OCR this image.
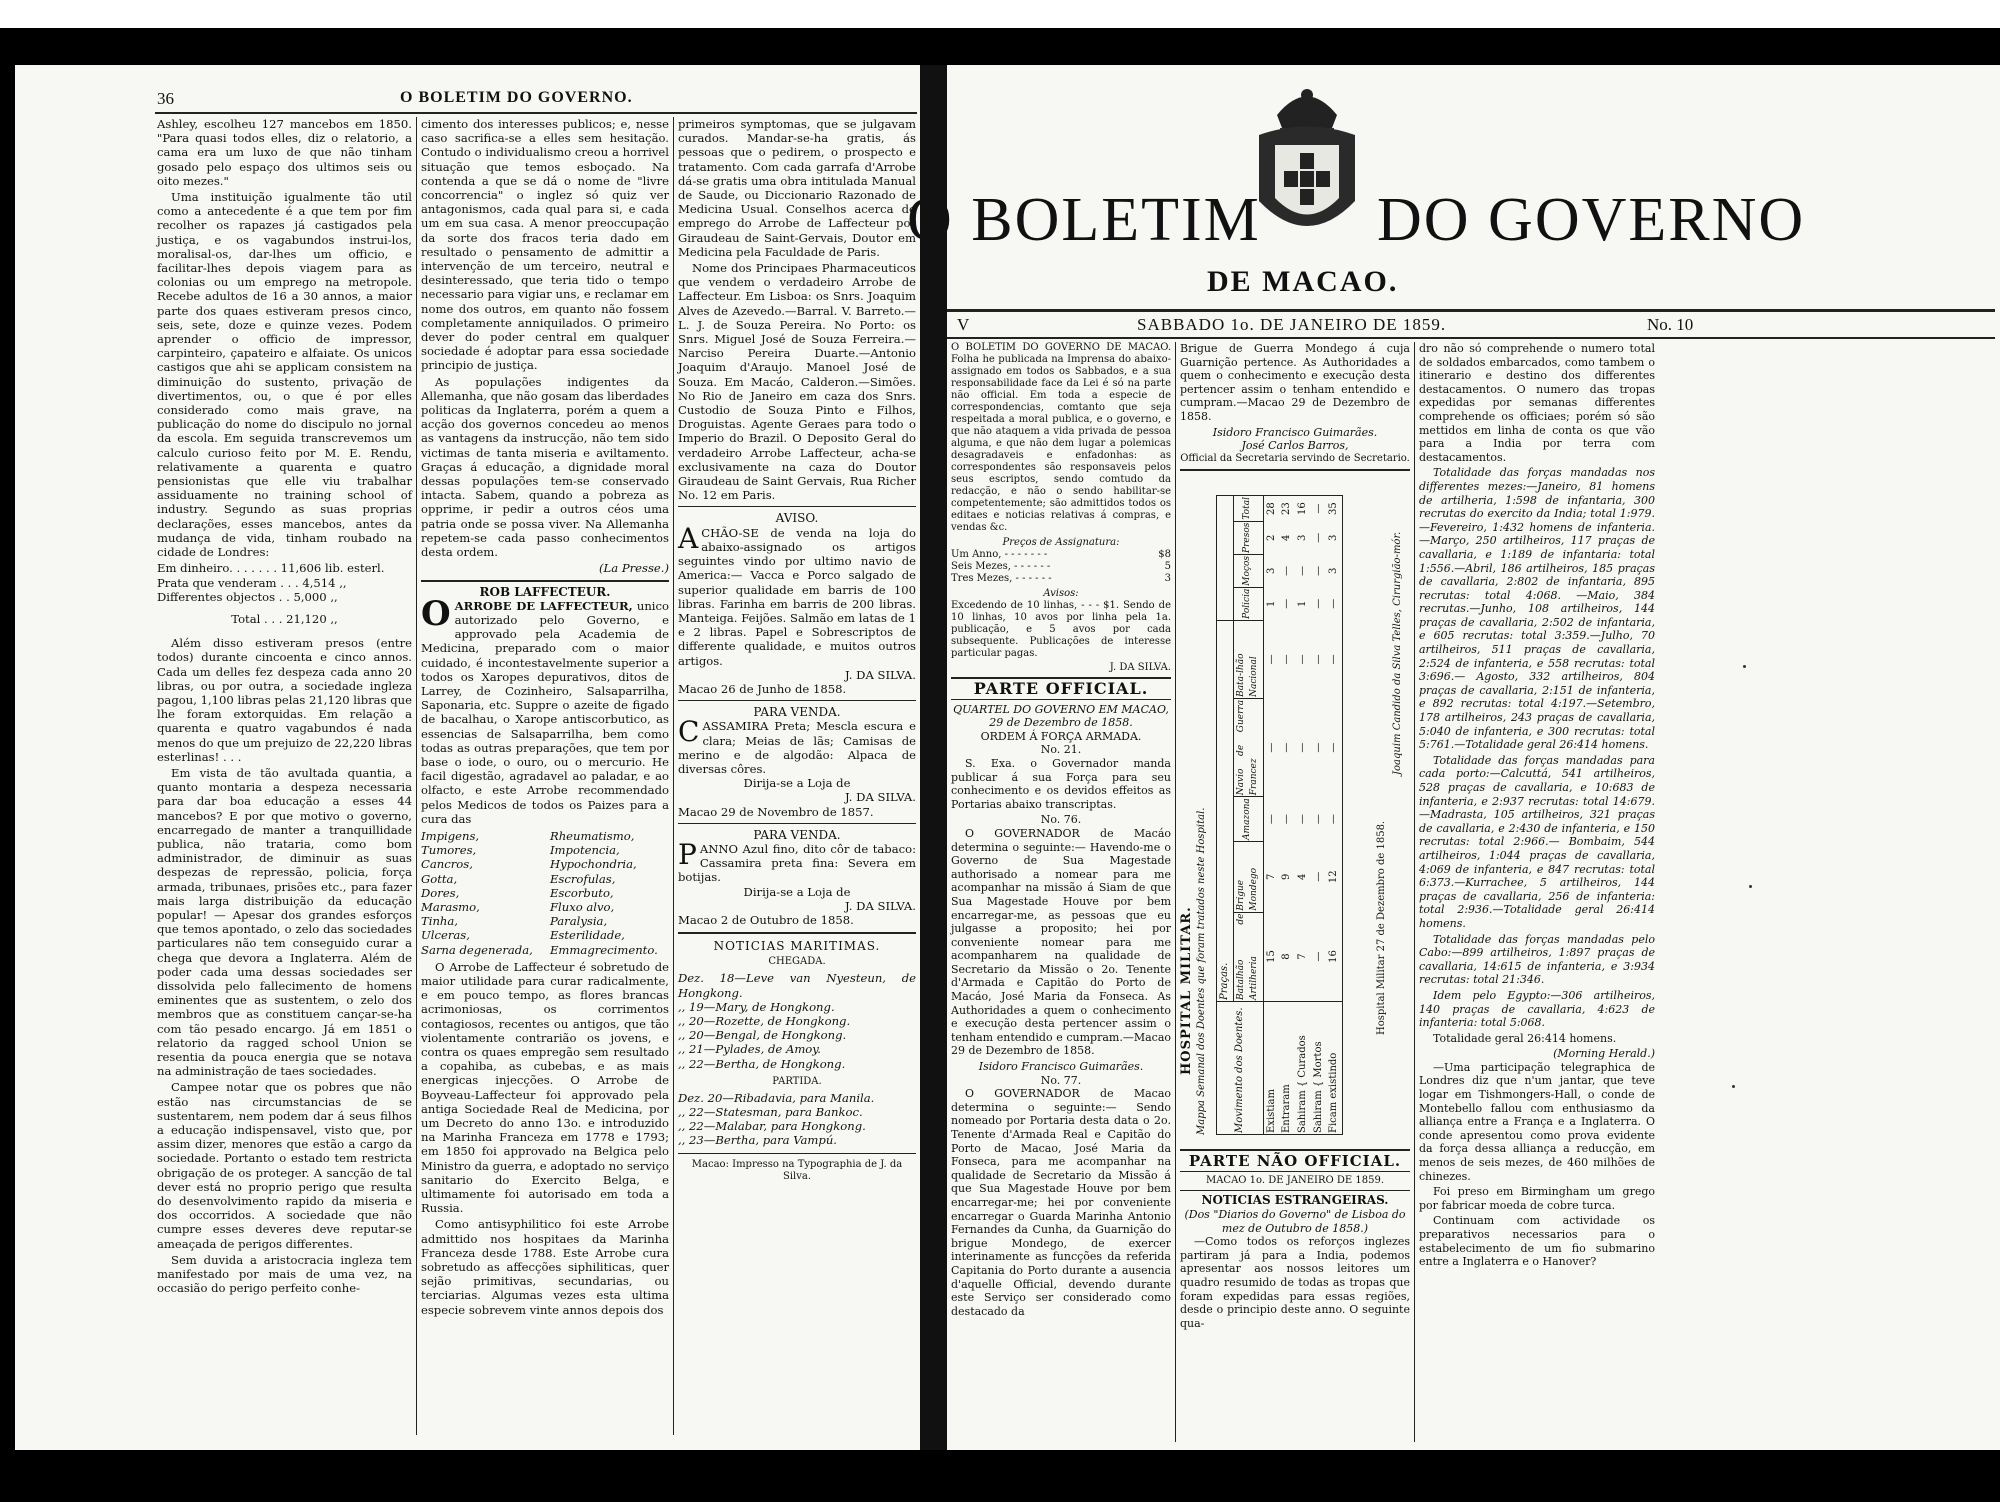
36	O BOLETIM DO GOVERNO.

Ashley, escolheu 127 mancebos em 1850. "Para quasi todos elles, diz o relatorio, a cama era um luxo de que não tinham gosado pelo espaço dos ultimos seis ou oito mezes."

Uma instituição igualmente tão util como a antecedente é a que tem por fim recolher os rapazes já castigados pela justiça, e os vagabundos instrui-los, moralisal-os, dar-lhes um officio, e facilitar-lhes depois viagem para as colonias ou um emprego na metropole. Recebe adultos de 16 a 30 annos, a maior parte dos quaes estiveram presos cinco, seis, sete, doze e quinze vezes. Podem aprender o officio de impressor, carpinteiro, çapateiro e alfaiate. Os unicos castigos que ahi se applicam consistem na diminuição do sustento, privação de divertimentos, ou, o que é por elles considerado como mais grave, na publicação do nome do discipulo no jornal da escola. Em seguida transcrevemos um calculo curioso feito por M. E. Rendu, relativamente a quarenta e quatro pensionistas que elle viu trabalhar assiduamente no training school of industry. Segundo as suas proprias declarações, esses mancebos, antes da mudança de vida, tinham roubado na cidade de Londres:

Em dinheiro. . . . . . . 11,606 lib. esterl.
Prata que venderam . . . 4,514 ,,
Differentes objectos . . 5,000 ,,
Total . . . 21,120 ,,

Além disso estiveram presos (entre todos) durante cincoenta e cinco annos. Cada um delles fez despeza cada anno 20 libras, ou por outra, a sociedade ingleza pagou, 1,100 libras pelas 21,120 libras que lhe foram extorquidas. Em relação a quarenta e quatro vagabundos é nada menos do que um prejuizo de 22,220 libras esterlinas! . . .

Em vista de tão avultada quantia, a quanto montaria a despeza necessaria para dar boa educação a esses 44 mancebos? E por que motivo o governo, encarregado de manter a tranquillidade publica, não trataria, como bom administrador, de diminuir as suas despezas de repressão, policia, força armada, tribunaes, prisões etc., para fazer mais larga distribuição da educação popular! — Apesar dos grandes esforços que temos apontado, o zelo das sociedades particulares não tem conseguido curar a chega que devora a Inglaterra. Além de poder cada uma dessas sociedades ser dissolvida pelo fallecimento de homens eminentes que as sustentem, o zelo dos membros que as constituem cançar-se-ha com tão pesado encargo. Já em 1851 o relatorio da ragged school Union se resentia da pouca energia que se notava na administração de taes sociedades.

Campee notar que os pobres que não estão nas circumstancias de se sustentarem, nem podem dar á seus filhos a educação indispensavel, visto que, por assim dizer, menores que estão a cargo da sociedade. Portanto o estado tem restricta obrigação de os proteger. A sancção de tal dever está no proprio perigo que resulta do desenvolvimento rapido da miseria e dos occorridos. A sociedade que não cumpre esses deveres deve reputar-se ameaçada de perigos differentes.

Sem duvida a aristocracia ingleza tem manifestado por mais de uma vez, na occasião do perigo perfeito conhe-

cimento dos interesses publicos; e, nesse caso sacrifica-se a elles sem hesitação. Contudo o individualismo creou a horrivel situação que temos esboçado. Na contenda a que se dá o nome de "livre concorrencia" o inglez só quiz ver antagonismos, cada qual para si, e cada um em sua casa. A menor preoccupação da sorte dos fracos teria dado em resultado o pensamento de admittir a intervenção de um terceiro, neutral e desinteressado, que teria tido o tempo necessario para vigiar uns, e reclamar em nome dos outros, em quanto não fossem completamente anniquilados. O primeiro dever do poder central em qualquer sociedade é adoptar para essa sociedade principio de justiça.

As populações indigentes da Allemanha, que não gosam das liberdades politicas da Inglaterra, porém a quem a acção dos governos concedeu ao menos as vantagens da instrucção, não tem sido victimas de tanta miseria e aviltamento. Graças á educação, a dignidade moral dessas populações tem-se conservado intacta. Sabem, quando a pobreza as opprime, ir pedir a outros céos uma patria onde se possa viver. Na Allemanha repetem-se cada passo conhecimentos desta ordem.

(La Presse.)
ROB LAFFECTEUR.
O ARROBE DE LAFFECTEUR, unico autorizado pelo Governo, e approvado pela Academia de Medicina, preparado com o maior cuidado, é incontestavelmente superior a todos os Xaropes depurativos, ditos de Larrey, de Cozinheiro, Salsaparrilha, Saponaria, etc. Suppre o azeite de figado de bacalhau, o Xarope antiscorbutico, as essencias de Salsaparrilha, bem como todas as outras preparações, que tem por base o iode, o ouro, ou o mercurio. He facil digestão, agradavel ao paladar, e ao olfacto, e este Arrobe recommendado pelos Medicos de todos os Paizes para a cura das
Impigens,
Tumores,
Cancros,
Gotta,
Dores,
Marasmo,
Tinha,
Ulceras,
Sarna degenerada,
Rheumatismo,
Impotencia,
Hypochondria,
Escrofulas,
Escorbuto,
Fluxo alvo,
Paralysia,
Esterilidade,
Emmagrecimento.

O Arrobe de Laffecteur é sobretudo de maior utilidade para curar radicalmente, e em pouco tempo, as flores brancas acrimoniosas, os corrimentos contagiosos, recentes ou antigos, que tão violentamente contrarião os jovens, e contra os quaes empregão sem resultado a copahiba, as cubebas, e as mais energicas injecções. O Arrobe de Boyveau-Laffecteur foi approvado pela antiga Sociedade Real de Medicina, por um Decreto do anno 13o. e introduzido na Marinha Franceza em 1778 e 1793; em 1850 foi approvado na Belgica pelo Ministro da guerra, e adoptado no serviço sanitario do Exercito Belga, e ultimamente foi autorisado em toda a Russia.

Como antisyphilitico foi este Arrobe admittido nos hospitaes da Marinha Franceza desde 1788. Este Arrobe cura sobretudo as affecções siphiliticas, quer sejão primitivas, secundarias, ou terciarias. Algumas vezes esta ultima especie sobrevem vinte annos depois dos

primeiros symptomas, que se julgavam curados. Mandar-se-ha gratis, ás pessoas que o pedirem, o prospecto e tratamento. Com cada garrafa d'Arrobe dá-se gratis uma obra intitulada Manual de Saude, ou Diccionario Razonado de Medicina Usual. Conselhos acerca do emprego do Arrobe de Laffecteur por Giraudeau de Saint-Gervais, Doutor em Medicina pela Faculdade de Paris.

Nome dos Principaes Pharmaceuticos que vendem o verdadeiro Arrobe de Laffecteur. Em Lisboa: os Snrs. Joaquim Alves de Azevedo.—Barral. V. Barreto.—L. J. de Souza Pereira. No Porto: os Snrs. Miguel José de Souza Ferreira.—Narciso Pereira Duarte.—Antonio Joaquim d'Araujo. Manoel José de Souza. Em Macáo, Calderon.—Simões. No Rio de Janeiro em caza dos Snrs. Custodio de Souza Pinto e Filhos, Droguistas. Agente Geraes para todo o Imperio do Brazil. O Deposito Geral do verdadeiro Arrobe Laffecteur, acha-se exclusivamente na caza do Doutor Giraudeau de Saint Gervais, Rua Richer No. 12 em Paris.

AVISO.
A CHÃO-SE de venda na loja do abaixo-assignado os artigos seguintes vindo por ultimo navio de America:— Vacca e Porco salgado de superior qualidade em barris de 100 libras. Farinha em barris de 200 libras. Manteiga. Feijões. Salmão em latas de 1 e 2 libras. Papel e Sobrescriptos de differente qualidade, e muitos outros artigos.
J. DA SILVA.
Macao 26 de Junho de 1858.
PARA VENDA.
C ASSAMIRA Preta; Mescla escura e clara; Meias de lãs; Camisas de merino e de algodão: Alpaca de diversas côres.
Dirija-se a Loja de
J. DA SILVA.
Macao 29 de Novembro de 1857.
PARA VENDA.
P ANNO Azul fino, dito côr de tabaco: Cassamira preta fina: Severa em botijas.
Dirija-se a Loja de
J. DA SILVA.
Macao 2 de Outubro de 1858.
NOTICIAS MARITIMAS.
CHEGADA.
Dez. 18—Leve van Nyesteun, de Hongkong.
,, 19—Mary, de Hongkong.
,, 20—Rozette, de Hongkong.
,, 20—Bengal, de Hongkong.
,, 21—Pylades, de Amoy.
,, 22—Bertha, de Hongkong.
PARTIDA.
Dez. 20—Ribadavia, para Manila.
,, 22—Statesman, para Bankoc.
,, 22—Malabar, para Hongkong.
,, 23—Bertha, para Vampú.
Macao: Impresso na Typographia de J. da Silva.
O BOLETIM DO GOVERNO
DE MACAO.
V	SABBADO 1o. DE JANEIRO DE 1859.	No. 10

O BOLETIM DO GOVERNO DE MACAO. Folha he publicada na Imprensa do abaixo-assignado em todos os Sabbados, e a sua responsabilidade face da Lei é só na parte não official. Em toda a especie de correspondencias, comtanto que seja respeitada a moral publica, e o governo, e que não ataquem a vida privada de pessoa alguma, e que não dem lugar a polemicas desagradaveis e enfadonhas: as correspondentes são responsaveis pelos seus escriptos, sendo comtudo da redacção, e não o sendo habilitar-se competentemente; são admittidos todos os editaes e noticias relativas á compras, e vendas &c.

Preços de Assignatura:
Um Anno, - - - - - - -	$8
Seis Mezes, - - - - - -	5
Tres Mezes, - - - - - -	3
Avisos:

Excedendo de 10 linhas, - - - $1. Sendo de 10 linhas, 10 avos por linha pela 1a. publicação, e 5 avos por cada subsequente. Publicações de interesse particular pagas.

J. DA SILVA.
PARTE OFFICIAL.
QUARTEL DO GOVERNO EM MACAO, 29 de Dezembro de 1858.
ORDEM Á FORÇA ARMADA.
No. 21.

S. Exa. o Governador manda publicar á sua Força para seu conhecimento e os devidos effeitos as Portarias abaixo transcriptas.

No. 76.

O GOVERNADOR de Macáo determina o seguinte:— Havendo-me o Governo de Sua Magestade authorisado a nomear para me acompanhar na missão á Siam de que Sua Magestade Houve por bem encarregar-me, as pessoas que eu julgasse a proposito; hei por conveniente nomear para me acompanharem na qualidade de Secretario da Missão o 2o. Tenente d'Armada e Capitão do Porto de Macáo, José Maria da Fonseca. As Authoridades a quem o conhecimento e execução desta pertencer assim o tenham entendido e cumpram.—Macao 29 de Dezembro de 1858.

Isidoro Francisco Guimarães.
No. 77.

O GOVERNADOR de Macao determina o seguinte:— Sendo nomeado por Portaria desta data o 2o. Tenente d'Armada Real e Capitão do Porto de Macao, José Maria da Fonseca, para me acompanhar na qualidade de Secretario da Missão á que Sua Magestade Houve por bem encarregar-me; hei por conveniente encarregar o Guarda Marinha Antonio Fernandes da Cunha, da Guarnição do brigue Mondego, de exercer interinamente as funcções da referida Capitania do Porto durante a ausencia d'aquelle Official, devendo durante este Serviço ser considerado como destacado da

Brigue de Guerra Mondego á cuja Guarnição pertence. As Authoridades a quem o conhecimento e execução desta pertencer assim o tenham entendido e cumpram.—Macao 29 de Dezembro de 1858.

Isidoro Francisco Guimarães.
José Carlos Barros,
Official da Secretaria servindo de Secretario.
HOSPITAL MILITAR. Mappa Semanal dos Doentes que foram tratados neste Hospital.	Movimento dos Doentes.	Praças.								
	Batalhão de Artilheria	Brigue Mondego	Amazona	Navio de Guerra Francez	Bata-lhão Nacional	Policia	Moços	Presos	Total
Existiam	15	7	—	—	—	1	3	2	28
Entraram	8	9	—	—	—	—	—	4	23
Sahiram { Curados	7	4	—	—	—	1	—	3	16
Sahiram { Mortos	—	—	—	—	—	—	—	—	—
Ficam existindo	16	12	—	—	—	—	3	3	35
Hospital Militar 27 de Dezembro de 1858.
Joaquim Candido da Silva Telles, Cirurgião-mór.
PARTE NÃO OFFICIAL.
MACAO 1o. DE JANEIRO DE 1859.
NOTICIAS ESTRANGEIRAS.
(Dos "Diarios do Governo" de Lisboa do mez de Outubro de 1858.)

—Como todos os reforços inglezes partiram já para a India, podemos apresentar aos nossos leitores um quadro resumido de todas as tropas que foram expedidas para essas regiões, desde o principio deste anno. O seguinte qua-

dro não só comprehende o numero total de soldados embarcados, como tambem o itinerario e destino dos differentes destacamentos. O numero das tropas expedidas por semanas differentes comprehende os officiaes; porém só são mettidos em linha de conta os que vão para a India por terra com destacamentos.

Totalidade das forças mandadas nos differentes mezes:—Janeiro, 81 homens de artilheria, 1:598 de infantaria, 300 recrutas do exercito da India; total 1:979.—Fevereiro, 1:432 homens de infanteria.—Março, 250 artilheiros, 117 praças de cavallaria, e 1:189 de infantaria: total 1:556.—Abril, 186 artilheiros, 185 praças de cavallaria, 2:802 de infantaria, 895 recrutas: total 4:068. —Maio, 384 recrutas.—Junho, 108 artilheiros, 144 praças de cavallaria, 2:502 de infantaria, e 605 recrutas: total 3:359.—Julho, 70 artilheiros, 511 praças de cavallaria, 2:524 de infanteria, e 558 recrutas: total 3:696.— Agosto, 332 artilheiros, 804 praças de cavallaria, 2:151 de infanteria, e 892 recrutas: total 4:197.—Setembro, 178 artilheiros, 243 praças de cavallaria, 5:040 de infanteria, e 300 recrutas: total 5:761.—Totalidade geral 26:414 homens.

Totalidade das forças mandadas para cada porto:—Calcuttá, 541 artilheiros, 528 praças de cavallaria, e 10:683 de infanteria, e 2:937 recrutas: total 14:679.—Madrasta, 105 artilheiros, 321 praças de cavallaria, e 2:430 de infanteria, e 150 recrutas: total 2:966.— Bombaim, 544 artilheiros, 1:044 praças de cavallaria, 4:069 de infanteria, e 847 recrutas: total 6:373.—Kurrachee, 5 artilheiros, 144 praças de cavallaria, 256 de infanteria: total 2:936.—Totalidade geral 26:414 homens.

Totalidade das forças mandadas pelo Cabo:—899 artilheiros, 1:897 praças de cavallaria, 14:615 de infanteria, e 3:934 recrutas: total 21:346.

Idem pelo Egypto:—306 artilheiros, 140 praças de cavallaria, 4:623 de infanteria: total 5:068.

Totalidade geral 26:414 homens.

(Morning Herald.)

—Uma participação telegraphica de Londres diz que n'um jantar, que teve logar em Tishmongers-Hall, o conde de Montebello fallou com enthusiasmo da alliança entre a França e a Inglaterra. O conde apresentou como prova evidente da força dessa alliança a reducção, em menos de seis mezes, de 460 milhões de chinezes.

Foi preso em Birmingham um grego por fabricar moeda de cobre turca.

Continuam com actividade os preparativos necessarios para o estabelecimento de um fio submarino entre a Inglaterra e o Hanover?
